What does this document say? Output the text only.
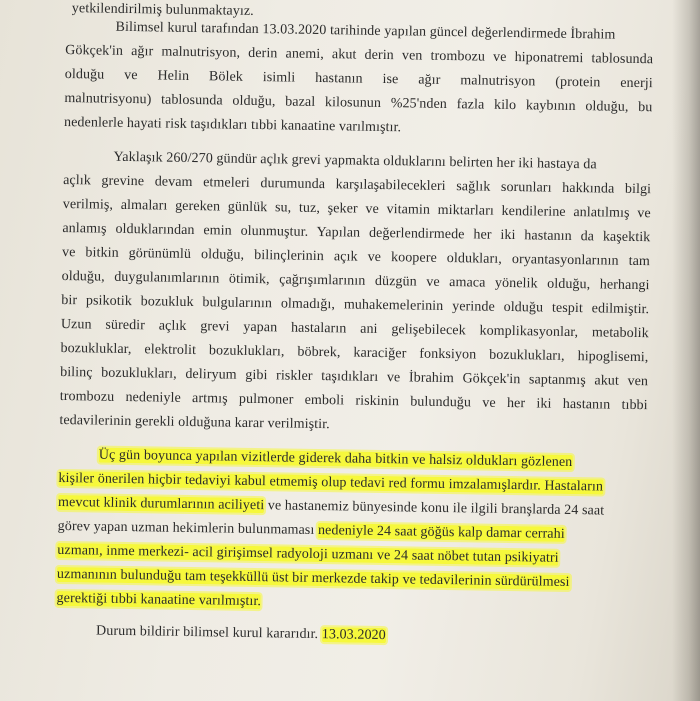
yetkilendirilmiş bulunmaktayız.
Bilimsel kurul tarafından 13.03.2020 tarihinde yapılan güncel değerlendirmede İbrahim
Gökçek'in ağır malnutrisyon, derin anemi, akut derin ven trombozu ve hiponatremi tablosunda
olduğu ve Helin Bölek isimli hastanın ise ağır malnutrisyon (protein enerji
malnutrisyonu) tablosunda olduğu, bazal kilosunun %25'nden fazla kilo kaybının olduğu, bu
nedenlerle hayati risk taşıdıkları tıbbi kanaatine varılmıştır.
Yaklaşık 260/270 gündür açlık grevi yapmakta olduklarını belirten her iki hastaya da
açlık grevine devam etmeleri durumunda karşılaşabilecekleri sağlık sorunları hakkında bilgi
verilmiş, almaları gereken günlük su, tuz, şeker ve vitamin miktarları kendilerine anlatılmış ve
anlamış olduklarından emin olunmuştur. Yapılan değerlendirmede her iki hastanın da kaşektik
ve bitkin görünümlü olduğu, bilinçlerinin açık ve koopere oldukları, oryantasyonlarının tam
olduğu, duygulanımlarının ötimik, çağrışımlarının düzgün ve amaca yönelik olduğu, herhangi
bir psikotik bozukluk bulgularının olmadığı, muhakemelerinin yerinde olduğu tespit edilmiştir.
Uzun süredir açlık grevi yapan hastaların ani gelişebilecek komplikasyonlar, metabolik
bozukluklar, elektrolit bozuklukları, böbrek, karaciğer fonksiyon bozuklukları, hipoglisemi,
bilinç bozuklukları, deliryum gibi riskler taşıdıkları ve İbrahim Gökçek'in saptanmış akut ven
trombozu nedeniyle artmış pulmoner emboli riskinin bulunduğu ve her iki hastanın tıbbi
tedavilerinin gerekli olduğuna karar verilmiştir.
Üç gün boyunca yapılan vizitlerde giderek daha bitkin ve halsiz oldukları gözlenen
kişiler önerilen hiçbir tedaviyi kabul etmemiş olup tedavi red formu imzalamışlardır. Hastaların
mevcut klinik durumlarının aciliyeti ve hastanemiz bünyesinde konu ile ilgili branşlarda 24 saat
görev yapan uzman hekimlerin bulunmaması nedeniyle 24 saat göğüs kalp damar cerrahi
uzmanı, inme merkezi- acil girişimsel radyoloji uzmanı ve 24 saat nöbet tutan psikiyatri
uzmanının bulunduğu tam teşekküllü üst bir merkezde takip ve tedavilerinin sürdürülmesi
gerektiği tıbbi kanaatine varılmıştır.
Durum bildirir bilimsel kurul kararıdır. 13.03.2020
